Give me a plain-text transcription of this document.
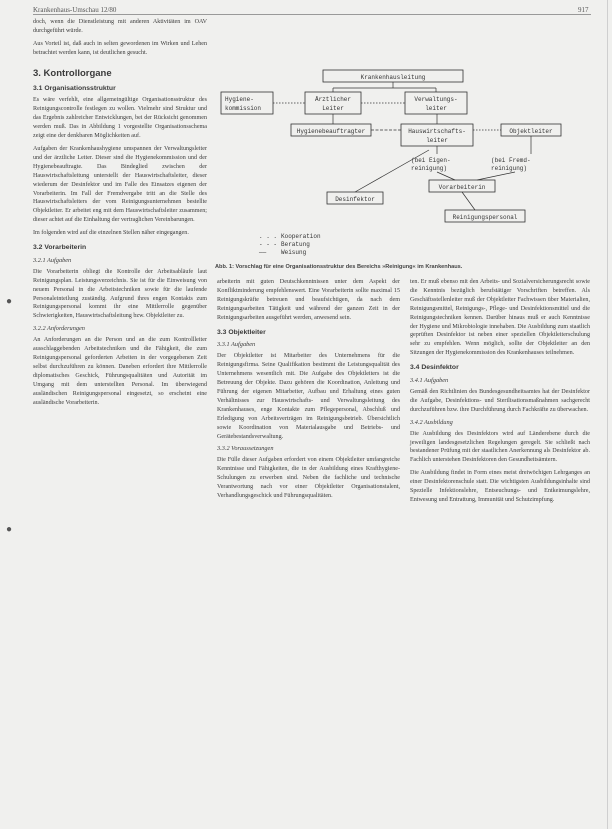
Krankenhaus-Umschau 12/80	917

doch, wenn die Dienstleistung mit anderen Aktivitäten im OAV durchgeführt würde.

Aus Vorteil ist, daß auch in selten gewordenen im Wirken und Lehen betrachtet werden kann, ist deutlichen gesucht.

3. Kontrollorgane
3.1 Organisationsstruktur

Es wäre verfehlt, eine allgemeingültige Organisationsstruktur des Reinigungscontrolle festlegen zu wollen. Vielmehr sind Struktur und das Ergebnis zahlreicher Entwicklungen, bei der Rücksicht genommen werden muß. Das in Abbildung 1 vorgestellte Organisationsschema zeigt eine der denkbaren Möglichkeiten auf.

Aufgaben der Krankenhaushygiene umspannen der Verwaltungsleiter und der ärztliche Leiter. Dieser sind die Hygienekommission und der Hygienebeauftragte. Das Bindeglied zwischen der Hauswirtschaftsleitung unterstellt der Hauswirtschaftsleiter, dieser wiederum der Desinfektor und im Falle des Einsatzes eigenen der Vorarbeiterin. Im Fall der Fremdvergabe tritt an die Stelle des Hauswirtschaftsleiters der vom Reinigungsunternehmen bestellte Objektleiter. Er arbeitet eng mit dem Hauswirtschaftsleiter zusammen; dieser achtet auf die Einhaltung der vertraglichen Vereinbarungen.

Im folgenden wird auf die einzelnen Stellen näher eingegangen.

3.2 Vorarbeiterin
3.2.1 Aufgaben

Die Vorarbeiterin obliegt die Kontrolle der Arbeitsabläufe laut Reinigungsplan. Leistungsverzeichnis. Sie ist für die Einweisung von neuem Personal in die Arbeitstechniken sowie für die laufende Personaleinteilung zuständig. Aufgrund ihres engen Kontakts zum Reinigungspersonal kommt ihr eine Mittlerrolle gegenüber Schwierigkeiten, Hauswirtschaftsleitung bzw. Objektleiter zu.

3.2.2 Anforderungen

An Anforderungen an die Person und an die zum Kontrollleiter ausschlaggebenden Arbeitstechniken und die Fähigkeit, die zum Reinigungspersonal geforderten Arbeiten in der vorgegebenen Zeit selbst durchzuführen zu können. Daneben erfordert ihre Mittlerrolle diplomatisches Geschick, Führungsqualitäten und Autorität im Umgang mit dem unterstellten Personal. Im überwiegend ausländischen Reinigungspersonal eingesetzt, so erscheint eine ausländische Vorarbeiterin.

Krankenhausleitung
Hygiene-
kommission
Ärztlicher
Leiter
Verwaltungs-
leiter
Hygienebeauftragter	Hauswirtschafts-
leiter
Objektleiter
(bei Eigen-
reinigung)
(bei Fremd-
reinigung)
Vorarbeiterin
Desinfektor
Reinigungspersonal
. . . Kooperation
- - - Beratung
—— Weisung
Abb. 1: Vorschlag für eine Organisationsstruktur des Bereichs »Reinigung« im Krankenhaus.

arbeiterin mit guten Deutschkenntnissen unter dem Aspekt der Konfliktminderung empfehlenswert. Eine Vorarbeiterin sollte maximal 15 Reinigungskräfte betreuen und beaufsichtigen, da nach dem Reinigungsarbeiten Tätigkeit und während der ganzen Zeit in der Reinigungsarbeiten ausgeführt werden, anwesend sein.

3.3 Objektleiter
3.3.1 Aufgaben

Der Objektleiter ist Mitarbeiter des Unternehmens für die Reinigungsfirma. Seine Qualifikation bestimmt die Leistungsqualität des Unternehmens wesentlich mit. Die Aufgabe des Objektleiters ist die Betreuung der Objekte. Dazu gehören die Koordination, Anleitung und Führung der eigenen Mitarbeiter, Aufbau und Erhaltung eines guten Verhältnisses zur Hauswirtschafts- und Verwaltungsleitung des Krankenhauses, enge Kontakte zum Pflegepersonal, Abschluß und Erledigung von Arbeitsverträgen im Reinigungsbetrieb. Übersichtlich sowie Koordination von Materialausgabe und Betriebs- und Gerätebestandsverwaltung.

3.3.2 Voraussetzungen

Die Fülle dieser Aufgaben erfordert von einem Objektleiter umfangreiche Kenntnisse und Fähigkeiten, die in der Ausbildung eines Krafthygiene-Schulungen zu erwerben sind. Neben die fachliche und technische Verantwortung nach vor einer Objektleiter Organisationstalent, Verhandlungsgeschick und Führungsqualitäten.

ten. Er muß ebenso mit den Arbeits- und Sozialversicherungsrecht sowie die Kenntnis bezüglich berufstätiger Vorschriften betreffen. Als Geschäftsstellenleiter muß der Objektleiter Fachwissen über Materialien, Reinigungsmittel, Reinigungs-, Pflege- und Desinfektionsmittel und die Reinigungstechniken kennen. Darüber hinaus muß er auch Kenntnisse der Hygiene und Mikrobiologie innehaben. Die Ausbildung zum staatlich geprüften Desinfektor ist neben einer speziellen Objektleiterschulung sehr zu empfehlen. Wenn möglich, sollte der Objektleiter an den Sitzungen der Hygienekommission des Krankenhauses teilnehmen.

3.4 Desinfektor
3.4.1 Aufgaben

Gemäß den Richtlinien des Bundesgesundheitsamtes hat der Desinfektor die Aufgabe, Desinfektions- und Sterilisationsmaßnahmen sachgerecht durchzuführen bzw. ihre Durchführung durch Fachkräfte zu überwachen.

3.4.2 Ausbildung

Die Ausbildung des Desinfektors wird auf Länderebene durch die jeweiligen landesgesetzlichen Regelungen geregelt. Sie schließt nach bestandener Prüfung mit der staatlichen Anerkennung als Desinfektor ab. Fachlich unterstehen Desinfektoren den Gesundheitsämtern.

Die Ausbildung findet in Form eines meist dreiwöchigen Lehrganges an einer Desinfektorenschule statt. Die wichtigsten Ausbildungsinhalte sind Spezielle Infektionslehre, Entseuchungs- und Entkeimungslehre, Entwesung und Entrattung, Immunität und Schutzimpfung.

●
●
